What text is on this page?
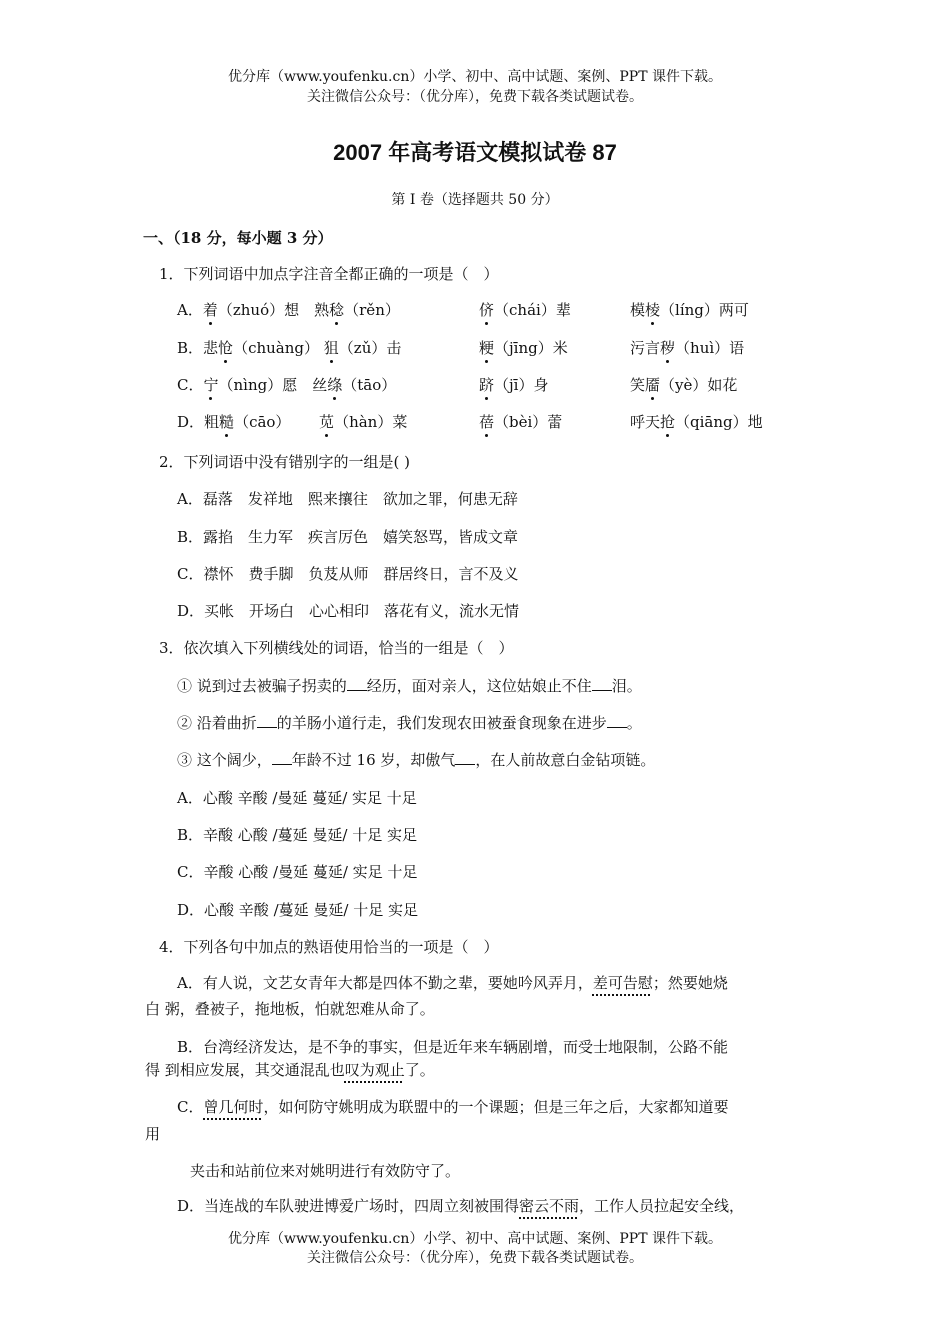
优分库（www.youfenku.cn）小学、初中、高中试题、案例、PPT 课件下载。
关注微信公众号：（优分库），免费下载各类试题试卷。
2007 年高考语文模拟试卷 87
第 I 卷（选择题共 50 分）
一、（18 分，每小题 3 分）
1．下列词语中加点字注音全都正确的一项是（　）
A．着（zhuó）想　熟稔（rěn）	侪（chái）辈	模棱（líng）两可
B．悲怆（chuàng） 狙（zǔ）击	粳（jīng）米	污言秽（huì）语
C．宁（nìng）愿　丝绦（tāo）	跻（jī）身	笑靥（yè）如花
D．粗糙（cāo） 苋（hàn）菜	蓓（bèi）蕾	呼天抢（qiāng）地
2．下列词语中没有错别字的一组是( )
A．磊落　发祥地　熙来攘往　欲加之罪，何患无辞
B．露掐　生力军　疾言厉色　嬉笑怒骂，皆成文章
C．襟怀　费手脚　负芨从师　群居终日，言不及义
D．买帐　开场白　心心相印　落花有义，流水无情
3．依次填入下列横线处的词语，恰当的一组是（　）
① 说到过去被骗子拐卖的 经历，面对亲人，这位姑娘止不住 泪。
② 沿着曲折 的羊肠小道行走，我们发现农田被蚕食现象在进步 。
③ 这个阔少， 年龄不过 16 岁，却傲气 ，在人前故意白金钻项链。
A．心酸 辛酸 /曼延 蔓延/ 实足 十足
B．辛酸 心酸 /蔓延 曼延/ 十足 实足
C．辛酸 心酸 /曼延 蔓延/ 实足 十足
D．心酸 辛酸 /蔓延 曼延/ 十足 实足
4．下列各句中加点的熟语使用恰当的一项是（　）
A．有人说，文艺女青年大都是四体不勤之辈，要她吟风弄月，差可告慰；然要她烧
白 粥，叠被子，拖地板，怕就恕难从命了。
B．台湾经济发达，是不争的事实，但是近年来车辆剧增，而受士地限制，公路不能
得 到相应发展，其交通混乱也叹为观止了。
C．曾几何时，如何防守姚明成为联盟中的一个课题；但是三年之后，大家都知道要
用
夹击和站前位来对姚明进行有效防守了。
D．当连战的车队驶进博爱广场时，四周立刻被围得密云不雨，工作人员拉起安全线，
优分库（www.youfenku.cn）小学、初中、高中试题、案例、PPT 课件下载。
关注微信公众号：（优分库），免费下载各类试题试卷。
